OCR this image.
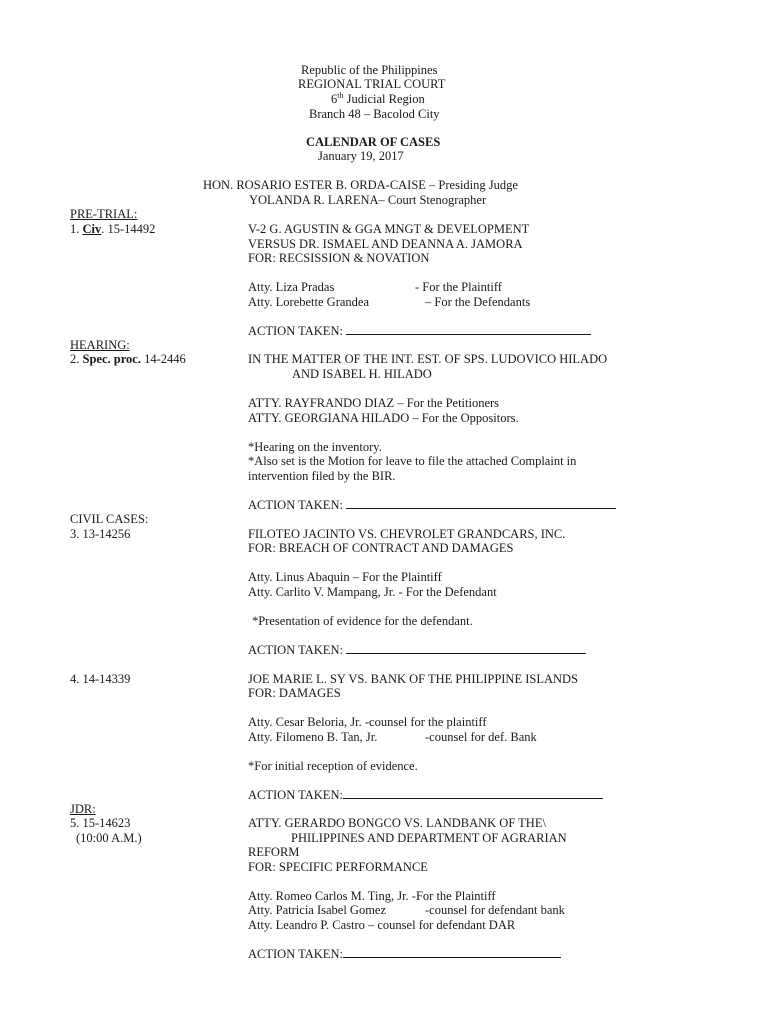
Republic of the Philippines
REGIONAL TRIAL COURT
6th Judicial Region
Branch 48 – Bacolod City
CALENDAR OF CASES
January 19, 2017
HON. ROSARIO ESTER B. ORDA-CAISE – Presiding Judge
YOLANDA R. LARENA– Court Stenographer
PRE-TRIAL:
1. Civ. 15-14492	V-2 G. AGUSTIN & GGA MNGT & DEVELOPMENT
VERSUS DR. ISMAEL AND DEANNA A. JAMORA
FOR: RECSISSION & NOVATION
Atty. Liza Pradas	- For the Plaintiff
Atty. Lorebette Grandea	– For the Defendants
ACTION TAKEN:
HEARING:
2. Spec. proc. 14-2446	IN THE MATTER OF THE INT. EST. OF SPS. LUDOVICO HILADO
AND ISABEL H. HILADO
ATTY. RAYFRANDO DIAZ – For the Petitioners
ATTY. GEORGIANA HILADO – For the Oppositors.
*Hearing on the inventory.
*Also set is the Motion for leave to file the attached Complaint in
intervention filed by the BIR.
ACTION TAKEN:
CIVIL CASES:
3. 13-14256	FILOTEO JACINTO VS. CHEVROLET GRANDCARS, INC.
FOR: BREACH OF CONTRACT AND DAMAGES
Atty. Linus Abaquin – For the Plaintiff
Atty. Carlito V. Mampang, Jr. - For the Defendant
*Presentation of evidence for the defendant.
ACTION TAKEN:
4. 14-14339	JOE MARIE L. SY VS. BANK OF THE PHILIPPINE ISLANDS
FOR: DAMAGES
Atty. Cesar Beloria, Jr. -counsel for the plaintiff
Atty. Filomeno B. Tan, Jr.	-counsel for def. Bank
*For initial reception of evidence.
ACTION TAKEN:
JDR:
5. 15-14623
(10:00 A.M.)
ATTY. GERARDO BONGCO VS. LANDBANK OF THE\
PHILIPPINES AND DEPARTMENT OF AGRARIAN
REFORM
FOR: SPECIFIC PERFORMANCE
Atty. Romeo Carlos M. Ting, Jr. -For the Plaintiff
Atty. Patricia Isabel Gomez	-counsel for defendant bank
Atty. Leandro P. Castro – counsel for defendant DAR
ACTION TAKEN:
